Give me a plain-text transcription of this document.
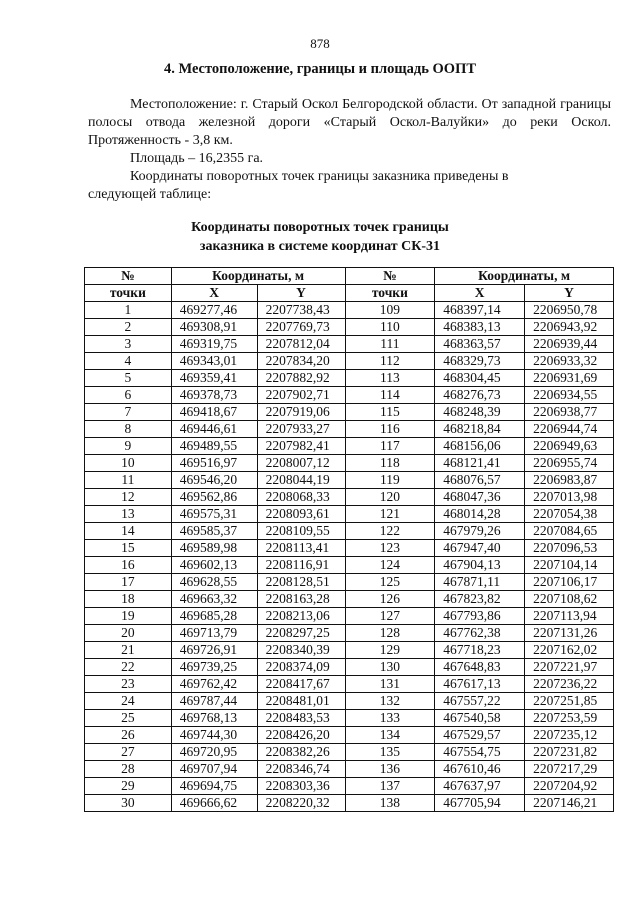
878
4. Местоположение, границы и площадь ООПТ
Местоположение: г. Старый Оскол Белгородской области. От западной границы полосы отвода железной дороги «Старый Оскол-Валуйки» до реки Оскол. Протяженность - 3,8 км.
Площадь – 16,2355 га.
Координаты поворотных точек границы заказника приведены в
следующей таблице:
Координаты поворотных точек границы
заказника в системе координат СК-31
№	Координаты, м		№	Координаты, м	
точки	X	Y	точки	X	Y
1	469277,46	2207738,43	109	468397,14	2206950,78
2	469308,91	2207769,73	110	468383,13	2206943,92
3	469319,75	2207812,04	111	468363,57	2206939,44
4	469343,01	2207834,20	112	468329,73	2206933,32
5	469359,41	2207882,92	113	468304,45	2206931,69
6	469378,73	2207902,71	114	468276,73	2206934,55
7	469418,67	2207919,06	115	468248,39	2206938,77
8	469446,61	2207933,27	116	468218,84	2206944,74
9	469489,55	2207982,41	117	468156,06	2206949,63
10	469516,97	2208007,12	118	468121,41	2206955,74
11	469546,20	2208044,19	119	468076,57	2206983,87
12	469562,86	2208068,33	120	468047,36	2207013,98
13	469575,31	2208093,61	121	468014,28	2207054,38
14	469585,37	2208109,55	122	467979,26	2207084,65
15	469589,98	2208113,41	123	467947,40	2207096,53
16	469602,13	2208116,91	124	467904,13	2207104,14
17	469628,55	2208128,51	125	467871,11	2207106,17
18	469663,32	2208163,28	126	467823,82	2207108,62
19	469685,28	2208213,06	127	467793,86	2207113,94
20	469713,79	2208297,25	128	467762,38	2207131,26
21	469726,91	2208340,39	129	467718,23	2207162,02
22	469739,25	2208374,09	130	467648,83	2207221,97
23	469762,42	2208417,67	131	467617,13	2207236,22
24	469787,44	2208481,01	132	467557,22	2207251,85
25	469768,13	2208483,53	133	467540,58	2207253,59
26	469744,30	2208426,20	134	467529,57	2207235,12
27	469720,95	2208382,26	135	467554,75	2207231,82
28	469707,94	2208346,74	136	467610,46	2207217,29
29	469694,75	2208303,36	137	467637,97	2207204,92
30	469666,62	2208220,32	138	467705,94	2207146,21
